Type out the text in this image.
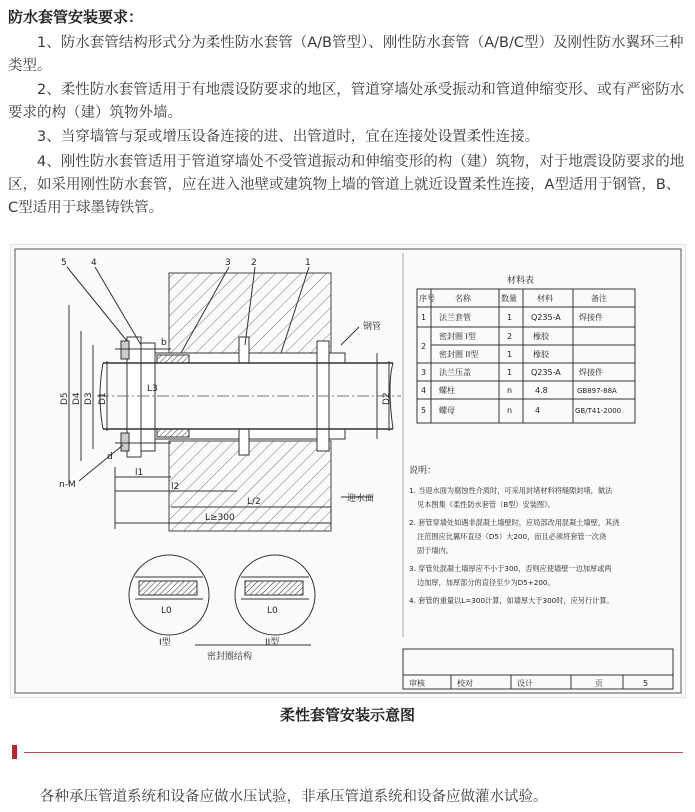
防水套管安装要求：

1、防水套管结构形式分为柔性防水套管（A/B管型）、刚性防水套管（A/B/C型）及刚性防水翼环三种类型。

2、柔性防水套管适用于有地震设防要求的地区，管道穿墙处承受振动和管道伸缩变形、或有严密防水要求的构（建）筑物外墙。

3、当穿墙管与泵或增压设备连接的进、出管道时，宜在连接处设置柔性连接。

4、刚性防水套管适用于管道穿墙处不受管道振动和伸缩变形的构（建）筑物，对于地震设防要求的地区，如采用刚性防水套管，应在进入池壁或建筑物上墙的管道上就近设置柔性连接，A型适用于钢管，B、C型适用于球墨铸铁管。

5	4	3 2	1
钢管
迎水面
n-M
D5 D4 D3 D1	D2
l1
l2
L3
L/2
L≥300
b
d
L0	L0
I型	II型
密封圈结构
材料表
序号	名称	数量	材料	备注
1 法兰套管	1 Q235-A 焊接件
2
密封圈 I型	2	橡胶
密封圈 II型	1	橡胶
3 法兰压盖	1 Q235-A 焊接件
4 螺柱	n	4.8	GB897-88A
5 螺母	n	4	GB/T41-2000
说明：
1. 当迎水面为腐蚀性介质时，可采用封堵材料将缝隙封堵，做法
见本图集《柔性防水套管（B型）安装图》。
2. 套管穿墙处如遇非混凝土墙壁时，应局部改用混凝土墙壁，其浇
注范围应比翼环直径（D5）大200，而且必须将套管一次浇
固于墙内。
3. 穿管处混凝土墙厚应不小于300，否则应使墙壁一边加厚或两
边加厚，加厚部分的直径至少为D5+200。
4. 套管的重量以L=300计算，如墙厚大于300时，应另行计算。
审核	校对	设计	页	5
柔性套管安装示意图
各种承压管道系统和设备应做水压试验，非承压管道系统和设备应做灌水试验。
